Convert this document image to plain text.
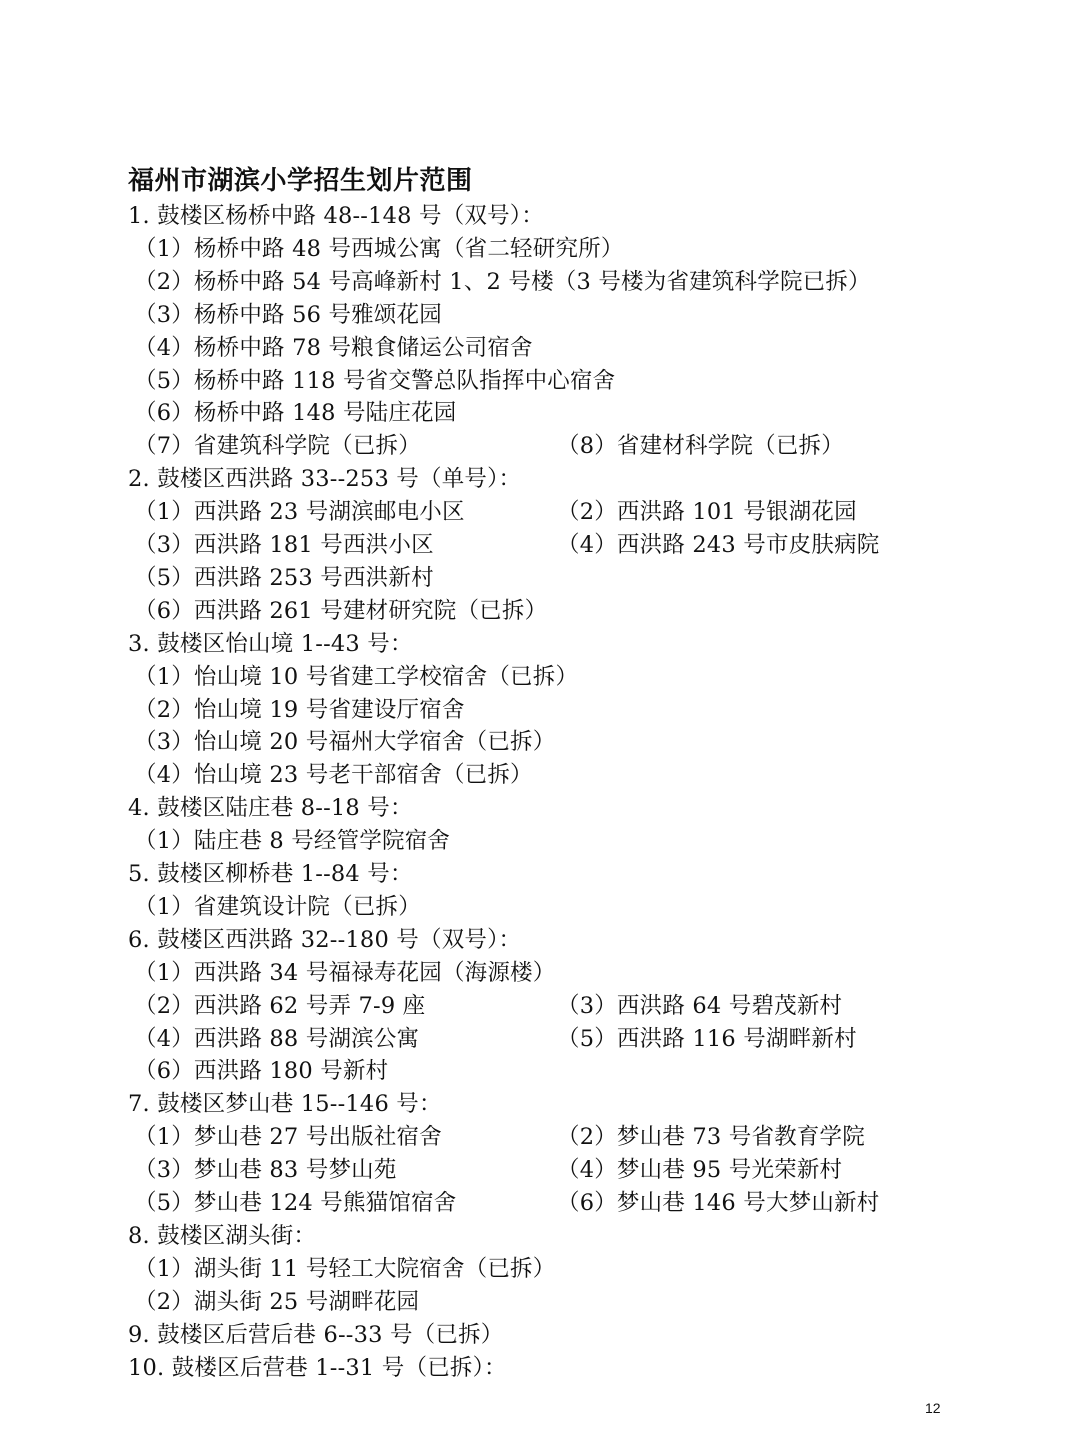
福州市湖滨小学招生划片范围
1. 鼓楼区杨桥中路 48--148 号（双号）：
（1）杨桥中路 48 号西城公寓（省二轻研究所）
（2）杨桥中路 54 号高峰新村 1、2 号楼（3 号楼为省建筑科学院已拆）
（3）杨桥中路 56 号雅颂花园
（4）杨桥中路 78 号粮食储运公司宿舍
（5）杨桥中路 118 号省交警总队指挥中心宿舍
（6）杨桥中路 148 号陆庄花园
（7）省建筑科学院（已拆）	（8）省建材科学院（已拆）
2. 鼓楼区西洪路 33--253 号（单号）：
（1）西洪路 23 号湖滨邮电小区	（2）西洪路 101 号银湖花园
（3）西洪路 181 号西洪小区	（4）西洪路 243 号市皮肤病院
（5）西洪路 253 号西洪新村
（6）西洪路 261 号建材研究院（已拆）
3. 鼓楼区怡山境 1--43 号：
（1）怡山境 10 号省建工学校宿舍（已拆）
（2）怡山境 19 号省建设厅宿舍
（3）怡山境 20 号福州大学宿舍（已拆）
（4）怡山境 23 号老干部宿舍（已拆）
4. 鼓楼区陆庄巷 8--18 号：
（1）陆庄巷 8 号经管学院宿舍
5. 鼓楼区柳桥巷 1--84 号：
（1）省建筑设计院（已拆）
6. 鼓楼区西洪路 32--180 号（双号）：
（1）西洪路 34 号福禄寿花园（海源楼）
（2）西洪路 62 号弄 7-9 座	（3）西洪路 64 号碧茂新村
（4）西洪路 88 号湖滨公寓	（5）西洪路 116 号湖畔新村
（6）西洪路 180 号新村
7. 鼓楼区梦山巷 15--146 号：
（1）梦山巷 27 号出版社宿舍	（2）梦山巷 73 号省教育学院
（3）梦山巷 83 号梦山苑	（4）梦山巷 95 号光荣新村
（5）梦山巷 124 号熊猫馆宿舍	（6）梦山巷 146 号大梦山新村
8. 鼓楼区湖头街：
（1）湖头街 11 号轻工大院宿舍（已拆）
（2）湖头街 25 号湖畔花园
9. 鼓楼区后营后巷 6--33 号（已拆）
10. 鼓楼区后营巷 1--31 号（已拆）：
12
